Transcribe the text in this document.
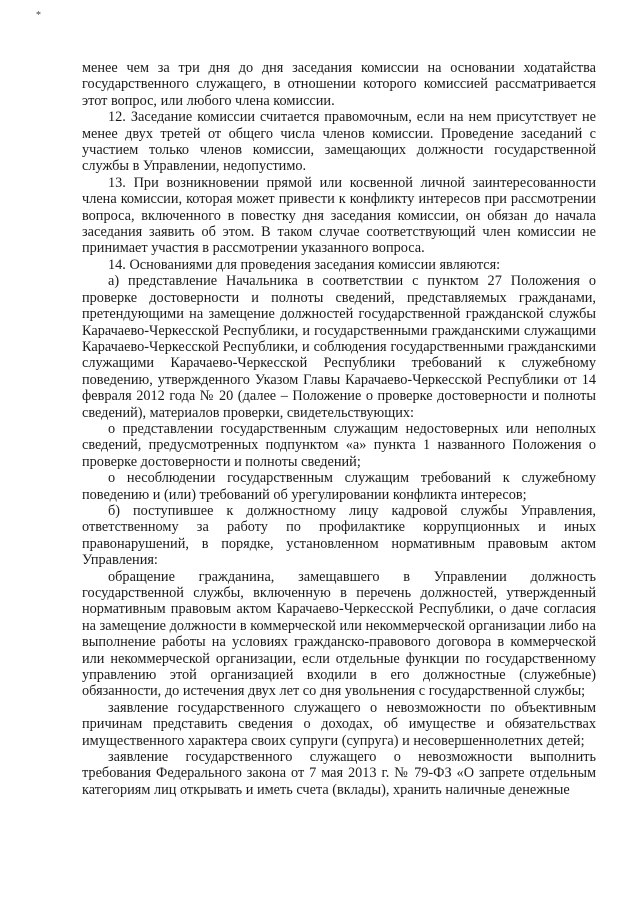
*

менее чем за три дня до дня заседания комиссии на основании ходатайства государственного служащего, в отношении которого комиссией рассматривается этот вопрос, или любого члена комиссии.

12. Заседание комиссии считается правомочным, если на нем присутствует не менее двух третей от общего числа членов комиссии. Проведение заседаний с участием только членов комиссии, замещающих должности государственной службы в Управлении, недопустимо.

13. При возникновении прямой или косвенной личной заинтересованности члена комиссии, которая может привести к конфликту интересов при рассмотрении вопроса, включенного в повестку дня заседания комиссии, он обязан до начала заседания заявить об этом. В таком случае соответствующий член комиссии не принимает участия в рассмотрении указанного вопроса.

14. Основаниями для проведения заседания комиссии являются:

а) представление Начальника в соответствии с пунктом 27 Положения о проверке достоверности и полноты сведений, представляемых гражданами, претендующими на замещение должностей государственной гражданской службы Карачаево-Черкесской Республики, и государственными гражданскими служащими Карачаево-Черкесской Республики, и соблюдения государственными гражданскими служащими Карачаево-Черкесской Республики требований к служебному поведению, утвержденного Указом Главы Карачаево-Черкесской Республики от 14 февраля 2012 года № 20 (далее – Положение о проверке достоверности и полноты сведений), материалов проверки, свидетельствующих:

о представлении государственным служащим недостоверных или неполных сведений, предусмотренных подпунктом «а» пункта 1 названного Положения о проверке достоверности и полноты сведений;

о несоблюдении государственным служащим требований к служебному поведению и (или) требований об урегулировании конфликта интересов;

б) поступившее к должностному лицу кадровой службы Управления, ответственному за работу по профилактике коррупционных и иных правонарушений, в порядке, установленном нормативным правовым актом Управления:

обращение гражданина, замещавшего в Управлении должность государственной службы, включенную в перечень должностей, утвержденный нормативным правовым актом Карачаево-Черкесской Республики, о даче согласия на замещение должности в коммерческой или некоммерческой организации либо на выполнение работы на условиях гражданско-правового договора в коммерческой или некоммерческой организации, если отдельные функции по государственному управлению этой организацией входили в его должностные (служебные) обязанности, до истечения двух лет со дня увольнения с государственной службы;

заявление государственного служащего о невозможности по объективным причинам представить сведения о доходах, об имуществе и обязательствах имущественного характера своих супруги (супруга) и несовершеннолетних детей;

заявление государственного служащего о невозможности выполнить требования Федерального закона от 7 мая 2013 г. № 79-ФЗ «О запрете отдельным категориям лиц открывать и иметь счета (вклады), хранить наличные денежные
